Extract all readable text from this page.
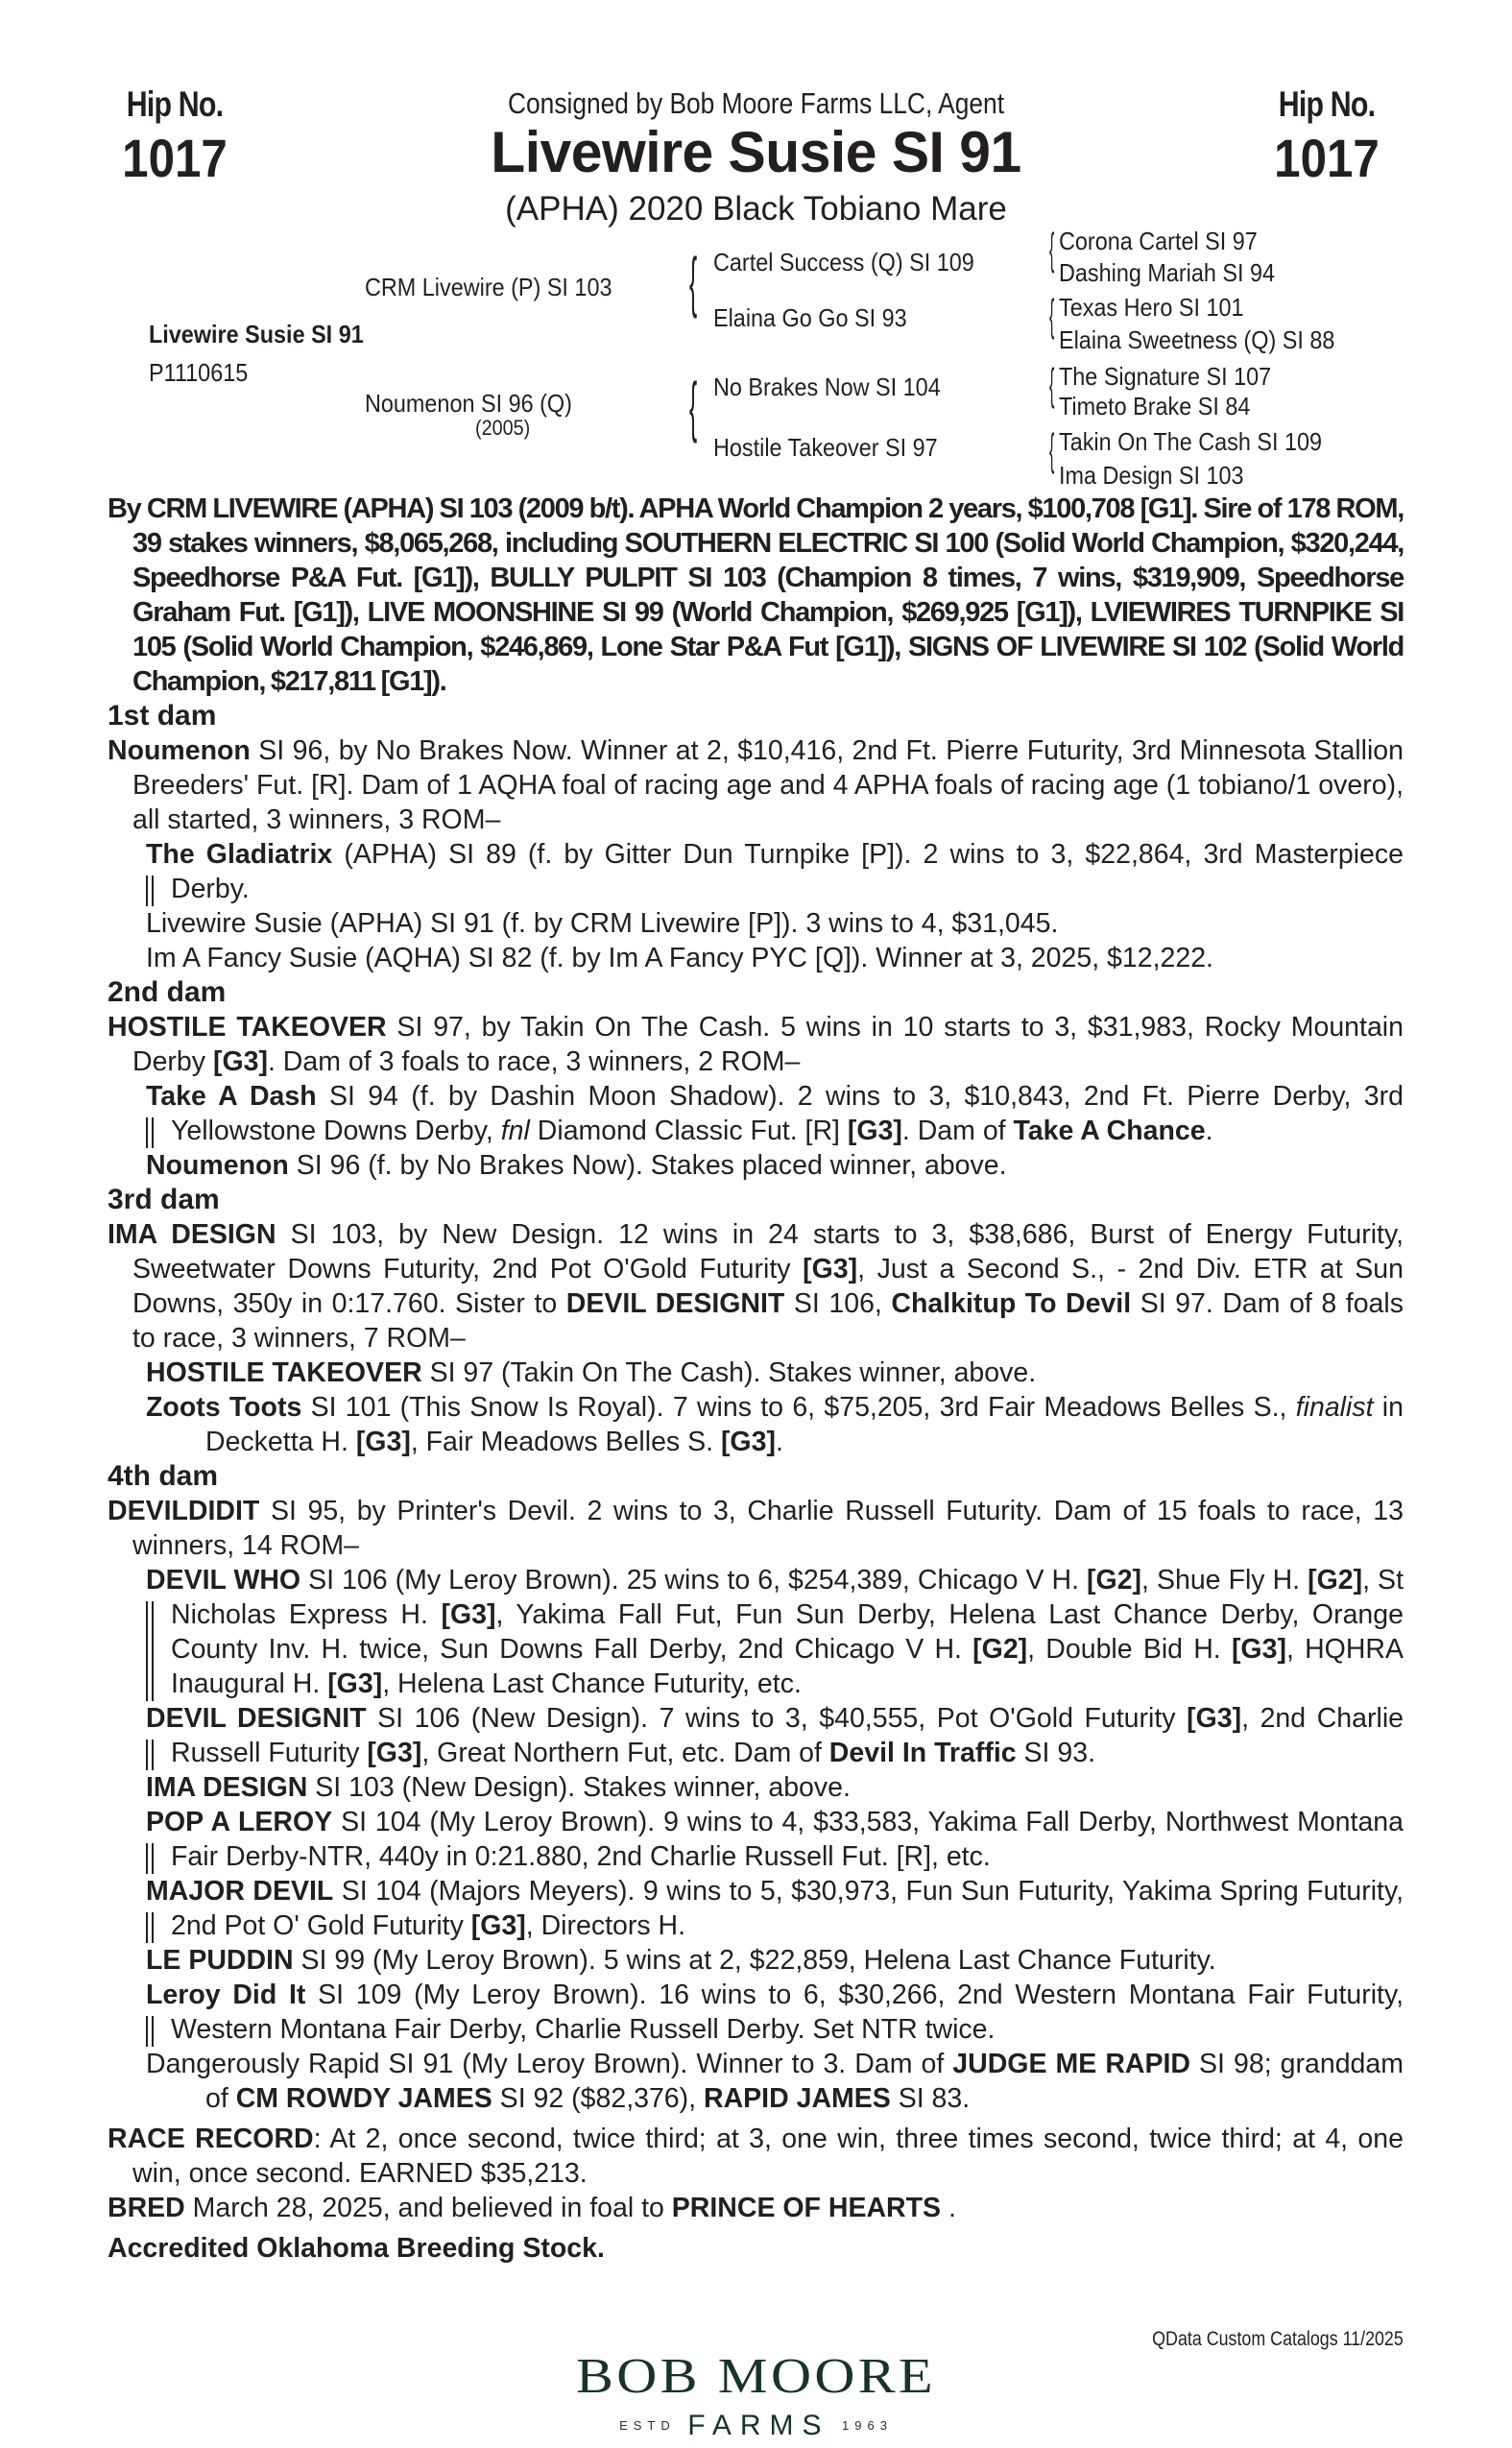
Hip No.
1017
Hip No.
1017
Consigned by Bob Moore Farms LLC, Agent
Livewire Susie SI 91
(APHA) 2020 Black Tobiano Mare
Livewire Susie SI 91
P1110615
CRM Livewire (P) SI 103
Noumenon SI 96 (Q)
(2005)
{ Cartel Success (Q) SI 109
Elaina Go Go SI 93
{ No Brakes Now SI 104
Hostile Takeover SI 97
{ Corona Cartel SI 97
Dashing Mariah SI 94
{ Texas Hero SI 101
Elaina Sweetness (Q) SI 88
{ The Signature SI 107
Timeto Brake SI 84
{ Takin On The Cash SI 109
Ima Design SI 103
By CRM LIVEWIRE (APHA) SI 103 (2009 b/t). APHA World Champion 2 years, $100,708 [G1]. Sire of 178 ROM, 39 stakes winners, $8,065,268, including SOUTHERN ELECTRIC SI 100 (Solid World Champion, $320,244, Speedhorse P&A Fut. [G1]), BULLY PULPIT SI 103 (Champion 8 times, 7 wins, $319,909, Speedhorse Graham Fut. [G1]), LIVE MOONSHINE SI 99 (World Champion, $269,925 [G1]), LVIEWIRES TURNPIKE SI 105 (Solid World Champion, $246,869, Lone Star P&A Fut [G1]), SIGNS OF LIVEWIRE SI 102 (Solid World Champion, $217,811 [G1]).
1st dam
Noumenon SI 96, by No Brakes Now. Winner at 2, $10,416, 2nd Ft. Pierre Futurity, 3rd Minnesota Stallion Breeders' Fut. [R]. Dam of 1 AQHA foal of racing age and 4 APHA foals of racing age (1 tobiano/1 overo), all started, 3 winners, 3 ROM–
The Gladiatrix (APHA) SI 89 (f. by Gitter Dun Turnpike [P]). 2 wins to 3, $22,864, 3rd Masterpiece Derby.
Livewire Susie (APHA) SI 91 (f. by CRM Livewire [P]). 3 wins to 4, $31,045.
Im A Fancy Susie (AQHA) SI 82 (f. by Im A Fancy PYC [Q]). Winner at 3, 2025, $12,222.
2nd dam
HOSTILE TAKEOVER SI 97, by Takin On The Cash. 5 wins in 10 starts to 3, $31,983, Rocky Mountain Derby [G3]. Dam of 3 foals to race, 3 winners, 2 ROM–
Take A Dash SI 94 (f. by Dashin Moon Shadow). 2 wins to 3, $10,843, 2nd Ft. Pierre Derby, 3rd Yellowstone Downs Derby, fnl Diamond Classic Fut. [R] [G3]. Dam of Take A Chance.
Noumenon SI 96 (f. by No Brakes Now). Stakes placed winner, above.
3rd dam
IMA DESIGN SI 103, by New Design. 12 wins in 24 starts to 3, $38,686, Burst of Energy Futurity, Sweetwater Downs Futurity, 2nd Pot O'Gold Futurity [G3], Just a Second S., - 2nd Div. ETR at Sun Downs, 350y in 0:17.760. Sister to DEVIL DESIGNIT SI 106, Chalkitup To Devil SI 97. Dam of 8 foals to race, 3 winners, 7 ROM–
HOSTILE TAKEOVER SI 97 (Takin On The Cash). Stakes winner, above.
Zoots Toots SI 101 (This Snow Is Royal). 7 wins to 6, $75,205, 3rd Fair Meadows Belles S., finalist in Decketta H. [G3], Fair Meadows Belles S. [G3].
4th dam
DEVILDIDIT SI 95, by Printer's Devil. 2 wins to 3, Charlie Russell Futurity. Dam of 15 foals to race, 13 winners, 14 ROM–
DEVIL WHO SI 106 (My Leroy Brown). 25 wins to 6, $254,389, Chicago V H. [G2], Shue Fly H. [G2], St Nicholas Express H. [G3], Yakima Fall Fut, Fun Sun Derby, Helena Last Chance Derby, Orange County Inv. H. twice, Sun Downs Fall Derby, 2nd Chicago V H. [G2], Double Bid H. [G3], HQHRA Inaugural H. [G3], Helena Last Chance Futurity, etc.
DEVIL DESIGNIT SI 106 (New Design). 7 wins to 3, $40,555, Pot O'Gold Futurity [G3], 2nd Charlie Russell Futurity [G3], Great Northern Fut, etc. Dam of Devil In Traffic SI 93.
IMA DESIGN SI 103 (New Design). Stakes winner, above.
POP A LEROY SI 104 (My Leroy Brown). 9 wins to 4, $33,583, Yakima Fall Derby, Northwest Montana Fair Derby-NTR, 440y in 0:21.880, 2nd Charlie Russell Fut. [R], etc.
MAJOR DEVIL SI 104 (Majors Meyers). 9 wins to 5, $30,973, Fun Sun Futurity, Yakima Spring Futurity, 2nd Pot O' Gold Futurity [G3], Directors H.
LE PUDDIN SI 99 (My Leroy Brown). 5 wins at 2, $22,859, Helena Last Chance Futurity.
Leroy Did It SI 109 (My Leroy Brown). 16 wins to 6, $30,266, 2nd Western Montana Fair Futurity, Western Montana Fair Derby, Charlie Russell Derby. Set NTR twice.
Dangerously Rapid SI 91 (My Leroy Brown). Winner to 3. Dam of JUDGE ME RAPID SI 98; granddam of CM ROWDY JAMES SI 92 ($82,376), RAPID JAMES SI 83.
RACE RECORD: At 2, once second, twice third; at 3, one win, three times second, twice third; at 4, one win, once second. EARNED $35,213.
BRED March 28, 2025, and believed in foal to PRINCE OF HEARTS .
Accredited Oklahoma Breeding Stock.
QData Custom Catalogs 11/2025
BOB MOORE
ESTD FARMS 1963
